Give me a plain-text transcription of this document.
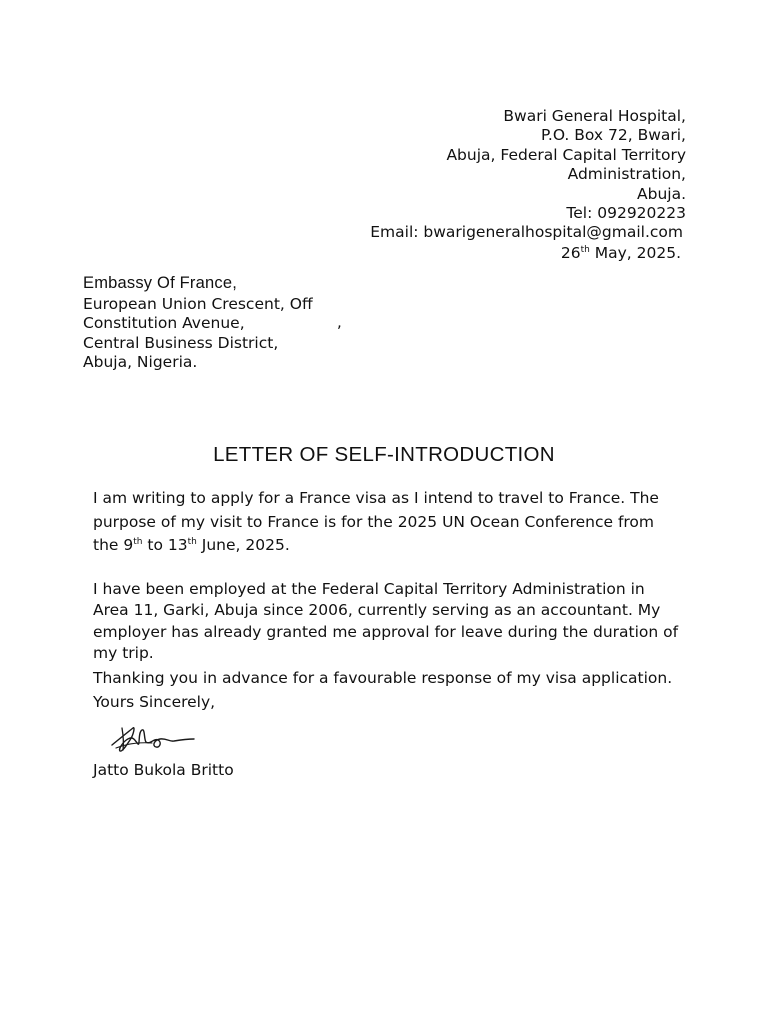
Bwari General Hospital,
P.O. Box 72, Bwari,
Abuja, Federal Capital Territory
Administration,
Abuja.
Tel: 092920223
Email: bwarigeneralhospital@gmail.com
26th May, 2025.
Embassy Of France,
European Union Crescent, Off
Constitution Avenue,
Central Business District,
Abuja, Nigeria.
,
LETTER OF SELF-INTRODUCTION

I am writing to apply for a France visa as I intend to travel to France. The purpose of my visit to France is for the 2025 UN Ocean Conference from the 9th to 13th June, 2025.

I have been employed at the Federal Capital Territory Administration in Area 11, Garki, Abuja since 2006, currently serving as an accountant. My employer has already granted me approval for leave during the duration of my trip.

Thanking you in advance for a favourable response of my visa application.

Yours Sincerely,
Jatto Bukola Britto
